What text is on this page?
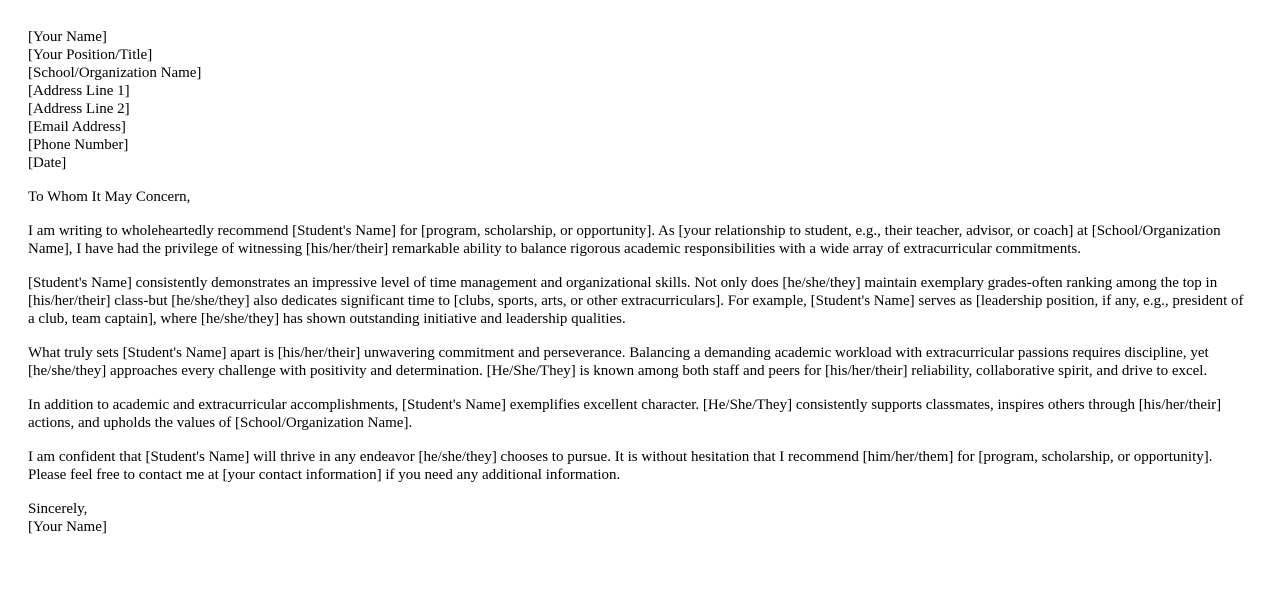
[Your Name]
[Your Position/Title]
[School/Organization Name]
[Address Line 1]
[Address Line 2]
[Email Address]
[Phone Number]
[Date]

To Whom It May Concern,

I am writing to wholeheartedly recommend [Student's Name] for [program, scholarship, or opportunity]. As [your relationship to student, e.g., their teacher, advisor, or coach] at [School/Organization Name], I have had the privilege of witnessing [his/her/their] remarkable ability to balance rigorous academic responsibilities with a wide array of extracurricular commitments.

[Student's Name] consistently demonstrates an impressive level of time management and organizational skills. Not only does [he/she/they] maintain exemplary grades-often ranking among the top in [his/her/their] class-but [he/she/they] also dedicates significant time to [clubs, sports, arts, or other extracurriculars]. For example, [Student's Name] serves as [leadership position, if any, e.g., president of a club, team captain], where [he/she/they] has shown outstanding initiative and leadership qualities.

What truly sets [Student's Name] apart is [his/her/their] unwavering commitment and perseverance. Balancing a demanding academic workload with extracurricular passions requires discipline, yet [he/she/they] approaches every challenge with positivity and determination. [He/She/They] is known among both staff and peers for [his/her/their] reliability, collaborative spirit, and drive to excel.

In addition to academic and extracurricular accomplishments, [Student's Name] exemplifies excellent character. [He/She/They] consistently supports classmates, inspires others through [his/her/their] actions, and upholds the values of [School/Organization Name].

I am confident that [Student's Name] will thrive in any endeavor [he/she/they] chooses to pursue. It is without hesitation that I recommend [him/her/them] for [program, scholarship, or opportunity]. Please feel free to contact me at [your contact information] if you need any additional information.

Sincerely,
[Your Name]
